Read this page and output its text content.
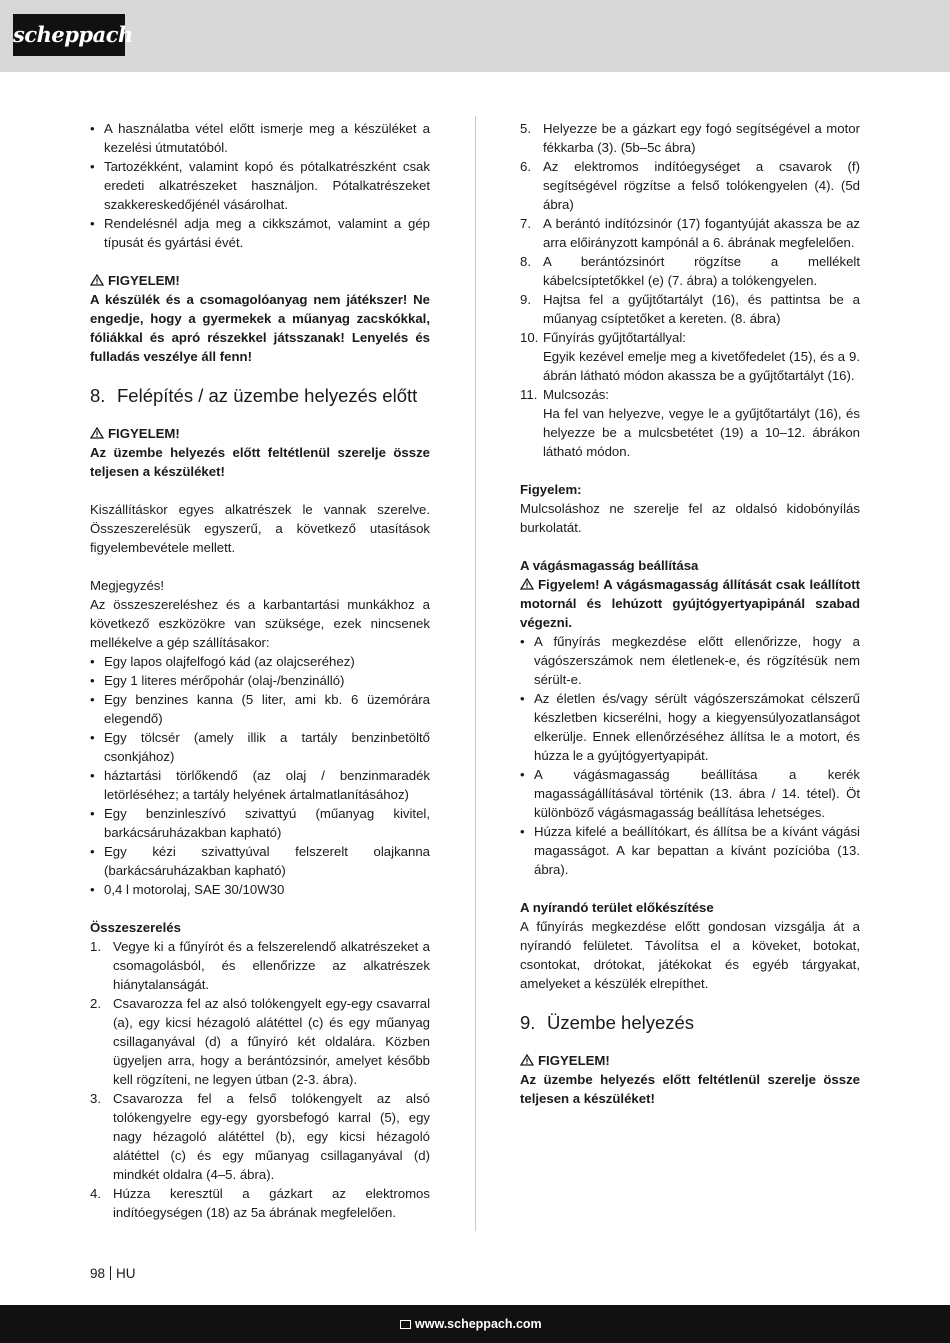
scheppach
• A használatba vétel előtt ismerje meg a készüléket a kezelési útmutatóból.
• Tartozékként, valamint kopó és pótalkatrészként csak eredeti alkatrészeket használjon. Pótalkatrészeket szakkereskedőjénél vásárolhat.
• Rendelésnél adja meg a cikkszámot, valamint a gép típusát és gyártási évét.
FIGYELEM!

A készülék és a csomagolóanyag nem játékszer! Ne engedje, hogy a gyermekek a műanyag zacskókkal, fóliákkal és apró részekkel játsszanak! Lenyelés és fulladás veszélye áll fenn!

8. Felépítés / az üzembe helyezés előtt
FIGYELEM!

Az üzembe helyezés előtt feltétlenül szerelje össze teljesen a készüléket!

Kiszállításkor egyes alkatrészek le vannak szerelve. Összeszerelésük egyszerű, a következő utasítások figyelembevétele mellett.

Megjegyzés!

Az összeszereléshez és a karbantartási munkákhoz a következő eszközökre van szüksége, ezek nincsenek mellékelve a gép szállításakor:

• Egy lapos olajfelfogó kád (az olajcseréhez)
• Egy 1 literes mérőpohár (olaj-/benzinálló)
• Egy benzines kanna (5 liter, ami kb. 6 üzemórára elegendő)
• Egy tölcsér (amely illik a tartály benzinbetöltő csonkjához)
• háztartási törlőkendő (az olaj / benzinmaradék letörléséhez; a tartály helyének ártalmatlanításához)
• Egy benzinleszívó szivattyú (műanyag kivitel, barkácsáruházakban kapható)
• Egy kézi szivattyúval felszerelt olajkanna (barkácsáruházakban kapható)
• 0,4 l motorolaj, SAE 30/10W30

Összeszerelés

1. Vegye ki a fűnyírót és a felszerelendő alkatrészeket a csomagolásból, és ellenőrizze az alkatrészek hiánytalanságát.
2. Csavarozza fel az alsó tolókengyelt egy-egy csavarral (a), egy kicsi hézagoló alátéttel (c) és egy műanyag csillaganyával (d) a fűnyíró két oldalára. Közben ügyeljen arra, hogy a berántózsinór, amelyet később kell rögzíteni, ne legyen útban (2-3. ábra).
3. Csavarozza fel a felső tolókengyelt az alsó tolókengyelre egy-egy gyorsbefogó karral (5), egy nagy hézagoló alátéttel (b), egy kicsi hézagoló alátéttel (c) és egy műanyag csillaganyával (d) mindkét oldalra (4–5. ábra).
4. Húzza keresztül a gázkart az elektromos indítóegységen (18) az 5a ábrának megfelelően.
5. Helyezze be a gázkart egy fogó segítségével a motor fékkarba (3). (5b–5c ábra)
6. Az elektromos indítóegységet a csavarok (f) segítségével rögzítse a felső tolókengyelen (4). (5d ábra)
7. A berántó indítózsinór (17) fogantyúját akassza be az arra előirányzott kampónál a 6. ábrának megfelelően.
8. A berántózsinórt rögzítse a mellékelt kábelcsíptetőkkel (e) (7. ábra) a tolókengyelen.
9. Hajtsa fel a gyűjtőtartályt (16), és pattintsa be a műanyag csíptetőket a kereten. (8. ábra)
10. Fűnyírás gyűjtőtartállyal:
Egyik kezével emelje meg a kivetőfedelet (15), és a 9. ábrán látható módon akassza be a gyűjtőtartályt (16).
11. Mulcsozás:
Ha fel van helyezve, vegye le a gyűjtőtartályt (16), és helyezze be a mulcsbetétet (19) a 10–12. ábrákon látható módon.

Figyelem:

Mulcsoláshoz ne szerelje fel az oldalsó kidobónyílás burkolatát.

A vágásmagasság beállítása

Figyelem! A vágásmagasság állítását csak leállított motornál és lehúzott gyújtógyertyapipánál szabad végezni.

• A fűnyírás megkezdése előtt ellenőrizze, hogy a vágószerszámok nem életlenek-e, és rögzítésük nem sérült-e.
• Az életlen és/vagy sérült vágószerszámokat célszerű készletben kicserélni, hogy a kiegyensúlyozatlanságot elkerülje. Ennek ellenőrzéséhez állítsa le a motort, és húzza le a gyújtógyertyapipát.
• A vágásmagasság beállítása a kerék magasságállításával történik (13. ábra / 14. tétel). Öt különböző vágásmagasság beállítása lehetséges.
• Húzza kifelé a beállítókart, és állítsa be a kívánt vágási magasságot. A kar bepattan a kívánt pozícióba (13. ábra).

A nyírandó terület előkészítése

A fűnyírás megkezdése előtt gondosan vizsgálja át a nyírandó felületet. Távolítsa el a köveket, botokat, csontokat, drótokat, játékokat és egyéb tárgyakat, amelyeket a készülék elrepíthet.

9. Üzembe helyezés
FIGYELEM!

Az üzembe helyezés előtt feltétlenül szerelje össze teljesen a készüléket!

98 HU
www.scheppach.com
